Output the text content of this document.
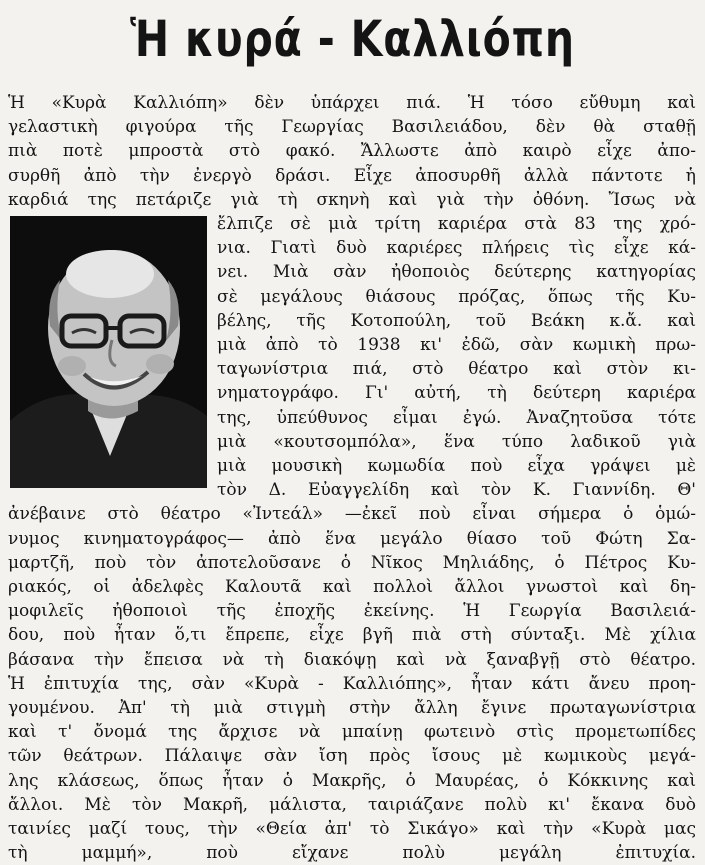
Ἡ κυρά - Καλλιόπη
Ἡ «Κυρὰ Καλλιόπη» δὲν ὑπάρχει πιά. Ἡ τόσο εὔθυμη καὶ
γελαστικὴ φιγούρα τῆς Γεωργίας Βασιλειάδου, δὲν θὰ σταθῇ
πιὰ ποτὲ μπροστὰ στὸ φακό. Ἄλλωστε ἀπὸ καιρὸ εἶχε ἀπο-
συρθῆ ἀπὸ τὴν ἐνεργὸ δράσι. Εἶχε ἀποσυρθῆ ἀλλὰ πάντοτε ἡ
καρδιά της πετάριζε γιὰ τὴ σκηνὴ καὶ γιὰ τὴν ὀθόνη. Ἴσως νὰ
ἔλπιζε σὲ μιὰ τρίτη καριέρα στὰ 83 της χρό-
νια. Γιατὶ δυὸ καριέρες πλήρεις τὶς εἶχε κά-
νει. Μιὰ σὰν ἠθοποιὸς δεύτερης κατηγορίας
σὲ μεγάλους θιάσους πρόζας, ὅπως τῆς Κυ-
βέλης, τῆς Κοτοπούλη, τοῦ Βεάκη κ.ἄ. καὶ
μιὰ ἀπὸ τὸ 1938 κι' ἐδῶ, σὰν κωμικὴ πρω-
ταγωνίστρια πιά, στὸ θέατρο καὶ στὸν κι-
νηματογράφο. Γι' αὐτή, τὴ δεύτερη καριέρα
της, ὑπεύθυνος εἶμαι ἐγώ. Ἀναζητοῦσα τότε
μιὰ «κουτσομπόλα», ἕνα τύπο λαδικοῦ γιὰ
μιὰ μουσικὴ κωμωδία ποὺ εἶχα γράψει μὲ
τὸν Δ. Εὐαγγελίδη καὶ τὸν Κ. Γιαννίδη. Θ'
ἀνέβαινε στὸ θέατρο «Ἰντεάλ» —ἐκεῖ ποὺ εἶναι σήμερα ὁ ὁμώ-
νυμος κινηματογράφος— ἀπὸ ἕνα μεγάλο θίασο τοῦ Φώτη Σα-
μαρτζῆ, ποὺ τὸν ἀποτελοῦσανε ὁ Νῖκος Μηλιάδης, ὁ Πέτρος Κυ-
ριακός, οἱ ἀδελφὲς Καλουτᾶ καὶ πολλοὶ ἄλλοι γνωστοὶ καὶ δη-
μοφιλεῖς ἠθοποιοὶ τῆς ἐποχῆς ἐκείνης. Ἡ Γεωργία Βασιλειά-
δου, ποὺ ἦταν ὅ,τι ἔπρεπε, εἶχε βγῆ πιὰ στὴ σύνταξι. Μὲ χίλια
βάσανα τὴν ἔπεισα νὰ τὴ διακόψῃ καὶ νὰ ξαναβγῇ στὸ θέατρο.
Ἡ ἐπιτυχία της, σὰν «Κυρὰ - Καλλιόπης», ἦταν κάτι ἄνευ προη-
γουμένου. Ἀπ' τὴ μιὰ στιγμὴ στὴν ἄλλη ἔγινε πρωταγωνίστρια
καὶ τ' ὄνομά της ἄρχισε νὰ μπαίνῃ φωτεινὸ στὶς προμετωπίδες
τῶν θεάτρων. Πάλαιψε σὰν ἴση πρὸς ἴσους μὲ κωμικοὺς μεγά-
λης κλάσεως, ὅπως ἦταν ὁ Μακρῆς, ὁ Μαυρέας, ὁ Κόκκινης καὶ
ἄλλοι. Μὲ τὸν Μακρῆ, μάλιστα, ταιριάζανε πολὺ κι' ἔκανα δυὸ
ταινίες μαζί τους, τὴν «Θεία ἀπ' τὸ Σικάγο» καὶ τὴν «Κυρὰ μας
τὴ μαμμή», ποὺ εἴχανε πολὺ μεγάλη ἐπιτυχία.
